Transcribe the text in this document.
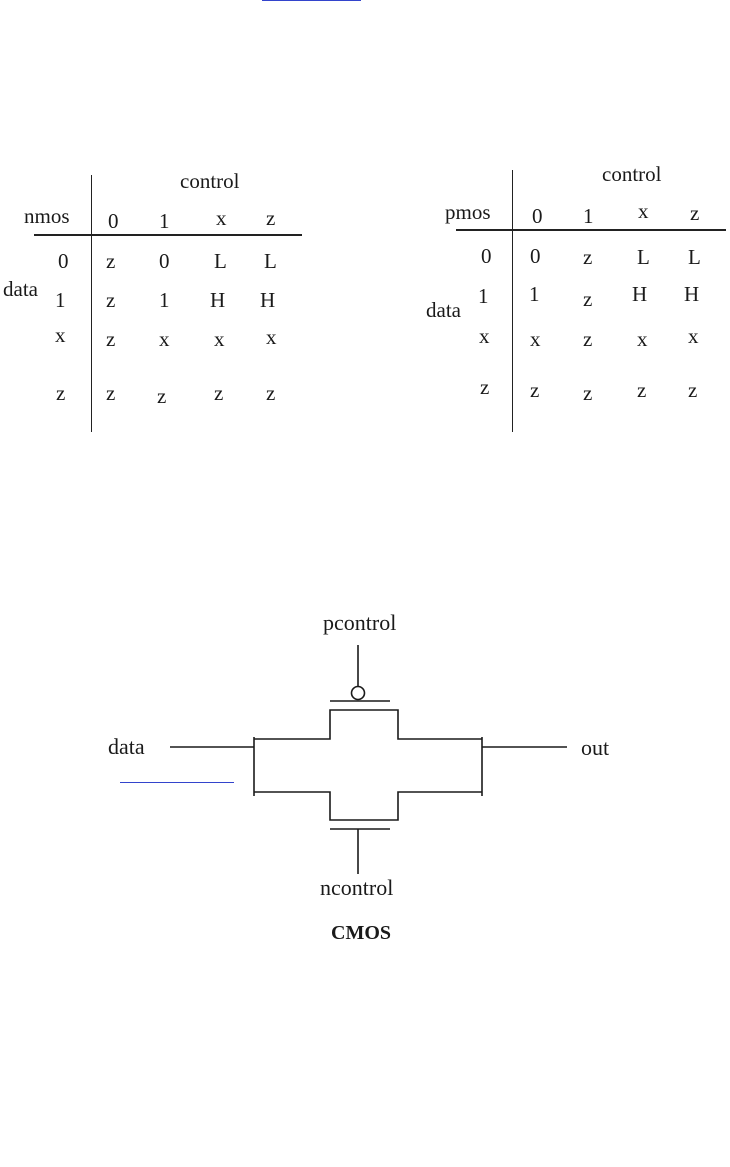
control
nmos 0 1 x z
data
0 z 0 L L
1 z 1 H H
x z x x x
z z z z z
control
pmos 0 1 x z
data
0 0 z L L
1 1 z H H
x x z x x
z z z z z
pcontrol
data	out
ncontrol
CMOS
